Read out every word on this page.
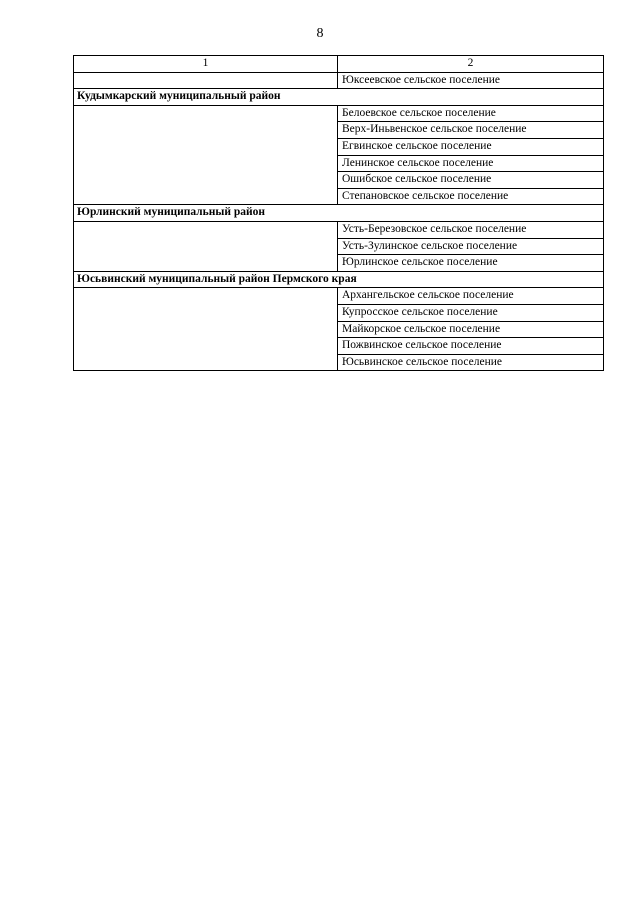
8
1	2
	Юксеевское сельское поселение
Кудымкарский муниципальный район	
	Белоевское сельское поселение
	Верх-Иньвенское сельское поселение
	Егвинское сельское поселение
	Ленинское сельское поселение
	Ошибское сельское поселение
	Степановское сельское поселение
Юрлинский муниципальный район	
	Усть-Березовское сельское поселение
	Усть-Зулинское сельское поселение
	Юрлинское сельское поселение
Юсьвинский муниципальный район Пермского края	
	Архангельское сельское поселение
	Купросское сельское поселение
	Майкорское сельское поселение
	Пожвинское сельское поселение
	Юсьвинское сельское поселение
